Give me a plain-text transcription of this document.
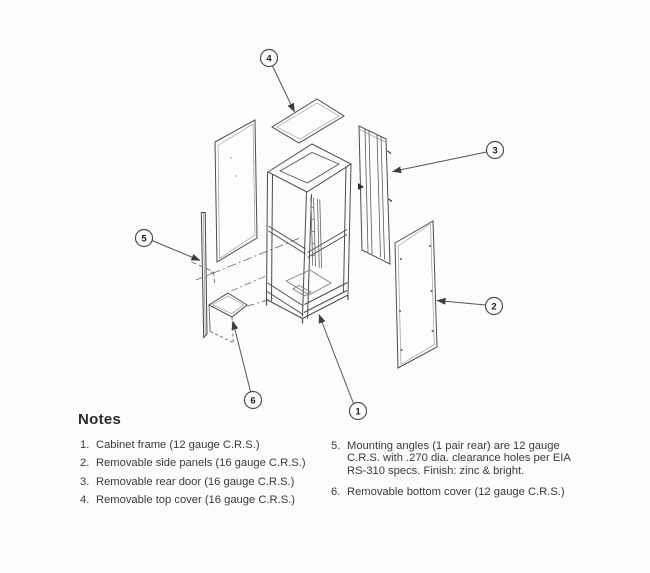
1
2
3
4
5
6
Notes
1. Cabinet frame (12 gauge C.R.S.)
2. Removable side panels (16 gauge C.R.S.)
3. Removable rear door (16 gauge C.R.S.)
4. Removable top cover (16 gauge C.R.S.)
5. Mounting angles (1 pair rear) are 12 gauge
C.R.S. with .270 dia. clearance holes per EIA
RS-310 specs. Finish: zinc & bright.
6. Removable bottom cover (12 gauge C.R.S.)
